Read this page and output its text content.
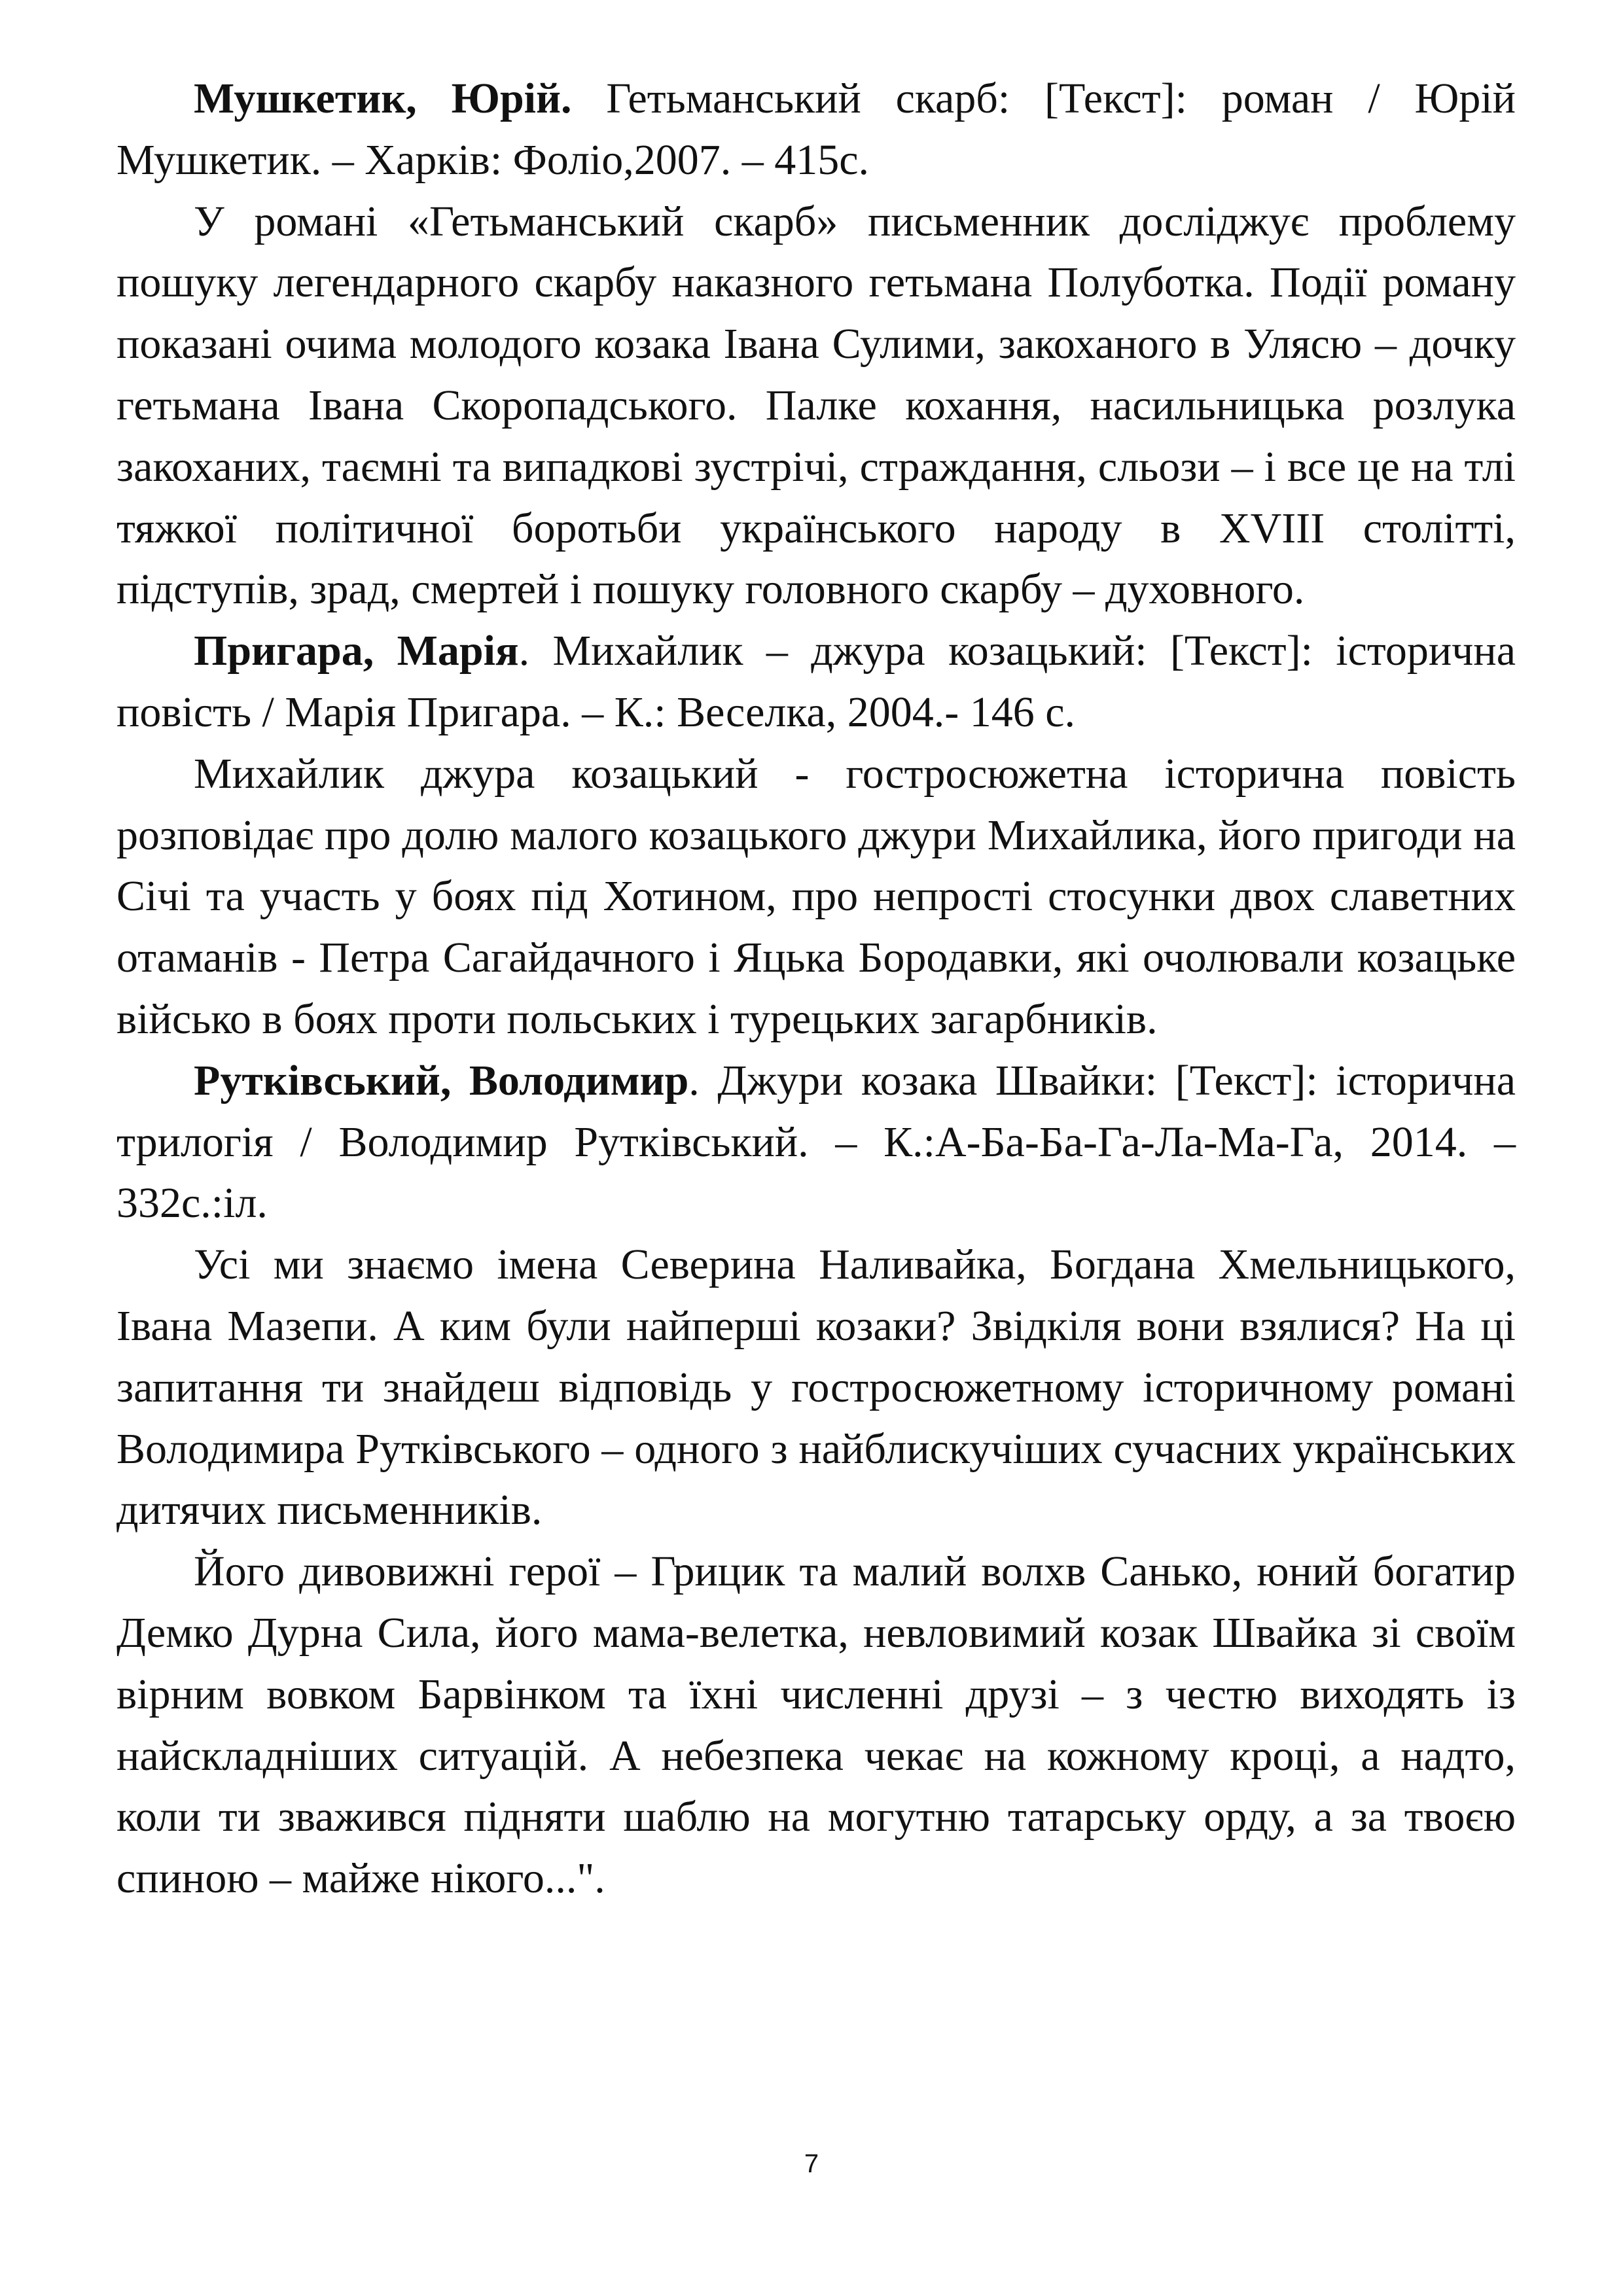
Мушкетик, Юрій. Гетьманський скарб: [Текст]: роман / Юрій Мушкетик. – Харків: Фоліо,2007. – 415с.

У романі «Гетьманський скарб» письменник досліджує проблему пошуку легендарного скарбу наказного гетьмана Полуботка. Події роману показані очима молодого козака Івана Сулими, закоханого в Улясю – дочку гетьмана Івана Скоропадського. Палке кохання, насильницька розлука закоханих, таємні та випадкові зустрічі, страждання, сльози – і все це на тлі тяжкої політичної боротьби українського народу в XVIII столітті, підступів, зрад, смертей і пошуку головного скарбу – духовного.

Пригара, Марія. Михайлик – джура козацький: [Текст]: історична повість / Марія Пригара. – К.: Веселка, 2004.- 146 с.

Михайлик джура козацький - гостросюжетна історична повість розповідає про долю малого козацького джури Михайлика, його пригоди на Січі та участь у боях під Хотином, про непрості стосунки двох славетних отаманів - Петра Сагайдачного і Яцька Бородавки, які очолювали козацьке військо в боях проти польських і турецьких загарбників.

Рутківський, Володимир. Джури козака Швайки: [Текст]: історична трилогія / Володимир Рутківський. – К.:А-Ба-Ба-Га-Ла-Ма-Га, 2014. – 332с.:іл.

Усі ми знаємо імена Северина Наливайка, Богдана Хмельницького, Івана Мазепи. А ким були найперші козаки? Звідкіля вони взялися? На ці запитання ти знайдеш відповідь у гостросюжетному історичному романі Володимира Рутківського – одного з найблискучіших сучасних українських дитячих письменників.

Його дивовижні герої – Грицик та малий волхв Санько, юний богатир Демко Дурна Сила, його мама-велетка, невловимий козак Швайка зі своїм вірним вовком Барвінком та їхні численні друзі – з честю виходять із найскладніших ситуацій. А небезпека чекає на кожному кроці, а надто, коли ти зважився підняти шаблю на могутню татарську орду, а за твоєю спиною – майже нікого...".

7
